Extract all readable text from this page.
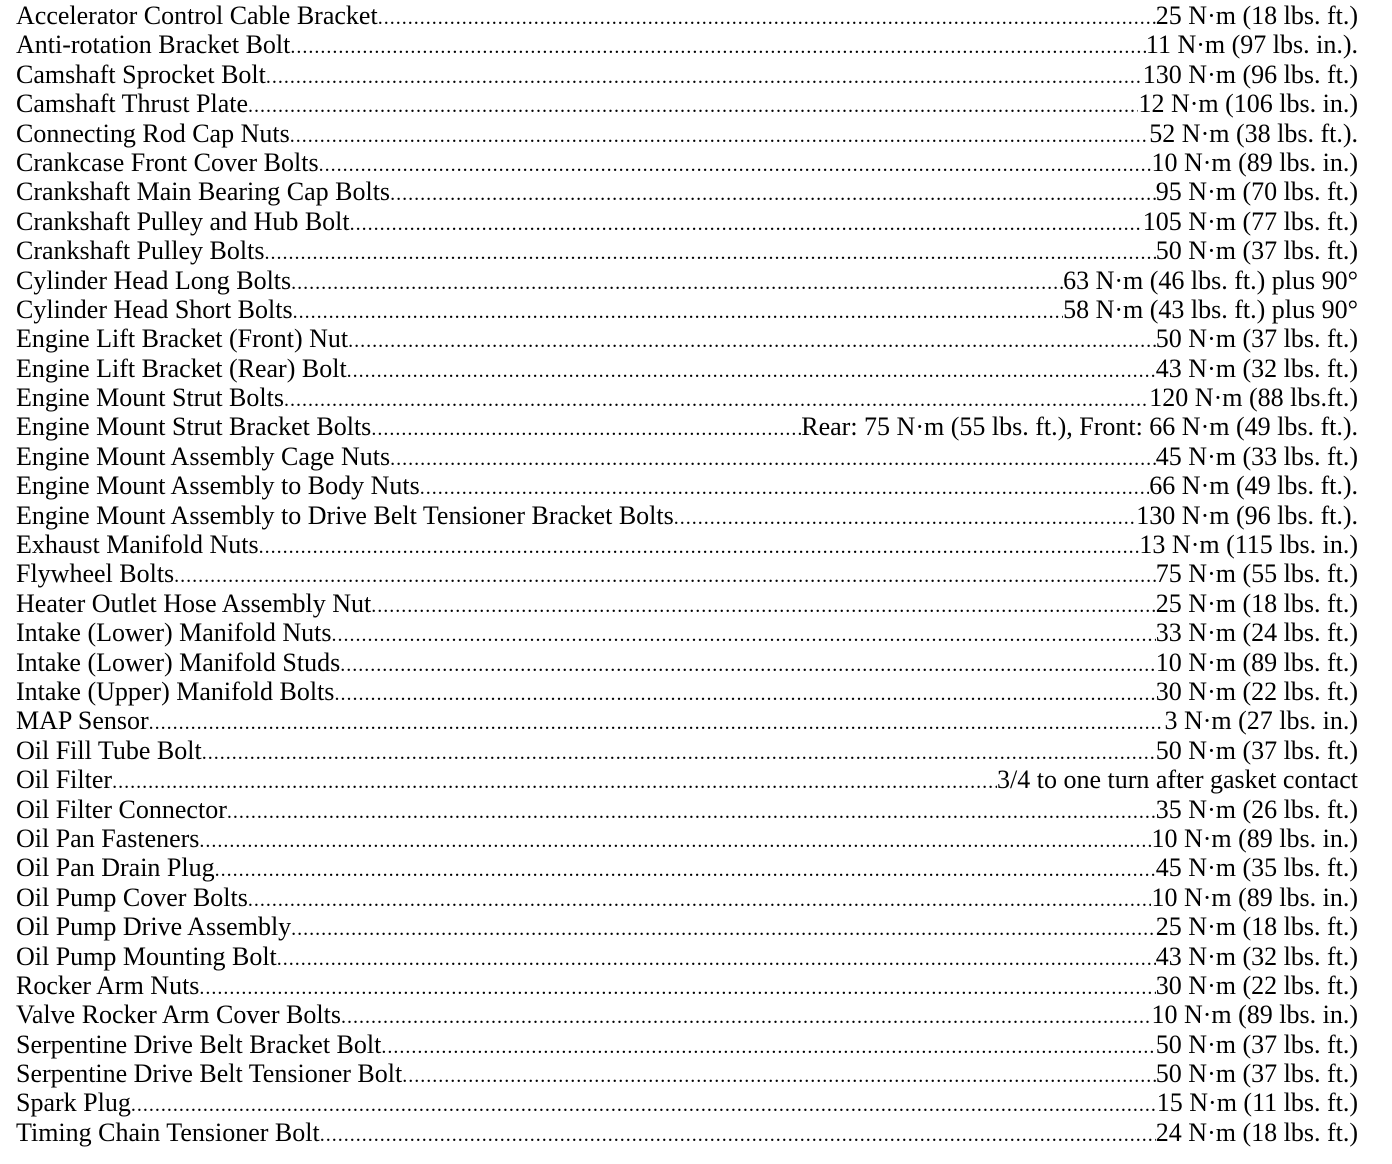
Accelerator Control Cable Bracket .....	25 N·m (18 lbs. ft.)
Anti-rotation Bracket Bolt .....	11 N·m (97 lbs. in.).
Camshaft Sprocket Bolt .....	130 N·m (96 lbs. ft.)
Camshaft Thrust Plate .....	12 N·m (106 lbs. in.)
Connecting Rod Cap Nuts .....	52 N·m (38 lbs. ft.).
Crankcase Front Cover Bolts .....	10 N·m (89 lbs. in.)
Crankshaft Main Bearing Cap Bolts .....	95 N·m (70 lbs. ft.)
Crankshaft Pulley and Hub Bolt .....	105 N·m (77 lbs. ft.)
Crankshaft Pulley Bolts .....	50 N·m (37 lbs. ft.)
Cylinder Head Long Bolts .....	63 N·m (46 lbs. ft.) plus 90°
Cylinder Head Short Bolts .....	58 N·m (43 lbs. ft.) plus 90°
Engine Lift Bracket (Front) Nut .....	50 N·m (37 lbs. ft.)
Engine Lift Bracket (Rear) Bolt .....	43 N·m (32 lbs. ft.)
Engine Mount Strut Bolts .....	120 N·m (88 lbs.ft.)
Engine Mount Strut Bracket Bolts .....	Rear: 75 N·m (55 lbs. ft.), Front: 66 N·m (49 lbs. ft.).
Engine Mount Assembly Cage Nuts .....	45 N·m (33 lbs. ft.)
Engine Mount Assembly to Body Nuts .....	66 N·m (49 lbs. ft.).
Engine Mount Assembly to Drive Belt Tensioner Bracket Bolts .....	130 N·m (96 lbs. ft.).
Exhaust Manifold Nuts .....	13 N·m (115 lbs. in.)
Flywheel Bolts .....	75 N·m (55 lbs. ft.)
Heater Outlet Hose Assembly Nut .....	25 N·m (18 lbs. ft.)
Intake (Lower) Manifold Nuts .....	33 N·m (24 lbs. ft.)
Intake (Lower) Manifold Studs .....	10 N·m (89 lbs. ft.)
Intake (Upper) Manifold Bolts .....	30 N·m (22 lbs. ft.)
MAP Sensor .....	3 N·m (27 lbs. in.)
Oil Fill Tube Bolt .....	50 N·m (37 lbs. ft.)
Oil Filter .....	3/4 to one turn after gasket contact
Oil Filter Connector .....	35 N·m (26 lbs. ft.)
Oil Pan Fasteners .....	10 N·m (89 lbs. in.)
Oil Pan Drain Plug .....	45 N·m (35 lbs. ft.)
Oil Pump Cover Bolts .....	10 N·m (89 lbs. in.)
Oil Pump Drive Assembly .....	25 N·m (18 lbs. ft.)
Oil Pump Mounting Bolt .....	43 N·m (32 lbs. ft.)
Rocker Arm Nuts .....	30 N·m (22 lbs. ft.)
Valve Rocker Arm Cover Bolts .....	10 N·m (89 lbs. in.)
Serpentine Drive Belt Bracket Bolt .....	50 N·m (37 lbs. ft.)
Serpentine Drive Belt Tensioner Bolt .....	50 N·m (37 lbs. ft.)
Spark Plug .....	15 N·m (11 lbs. ft.)
Timing Chain Tensioner Bolt .....	24 N·m (18 lbs. ft.)
